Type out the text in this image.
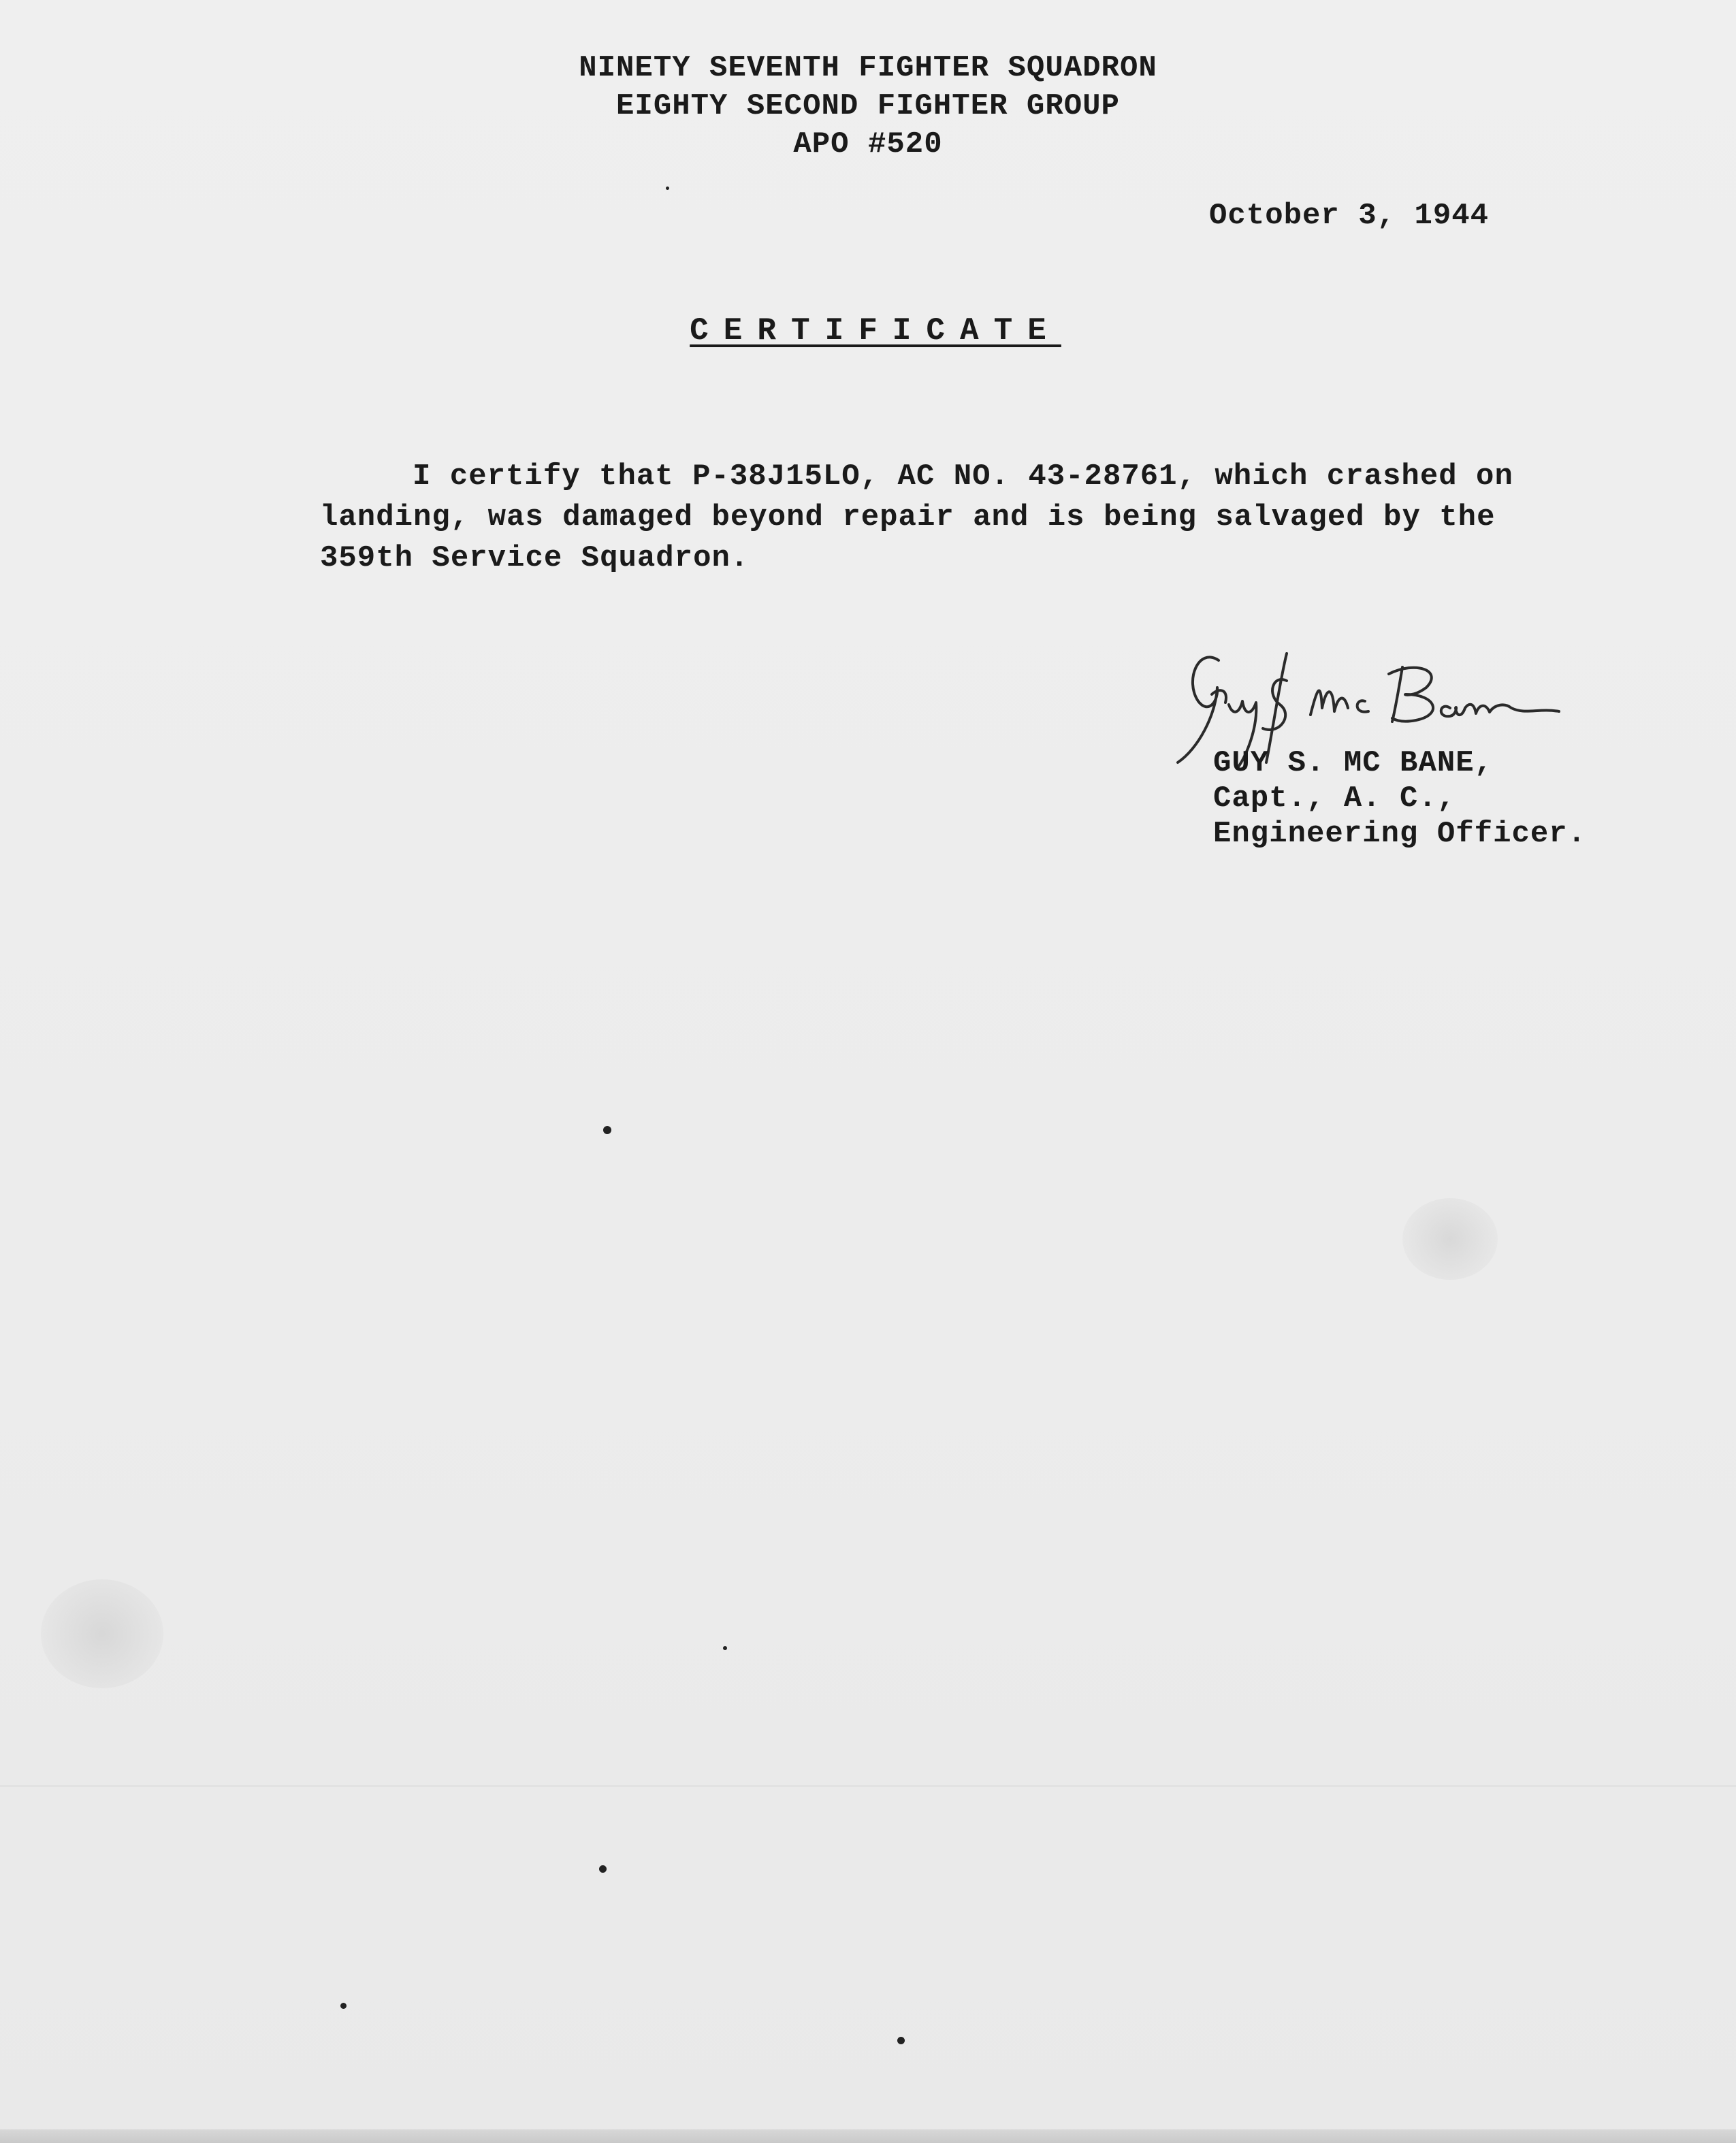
NINETY SEVENTH FIGHTER SQUADRON
EIGHTY SECOND FIGHTER GROUP
APO #520
October 3, 1944
CERTIFICATE
I certify that P-38J15LO, AC NO. 43-28761, which crashed on
landing, was damaged beyond repair and is being salvaged by the
359th Service Squadron.
GUY S. MC BANE,
Capt., A. C.,
Engineering Officer.
